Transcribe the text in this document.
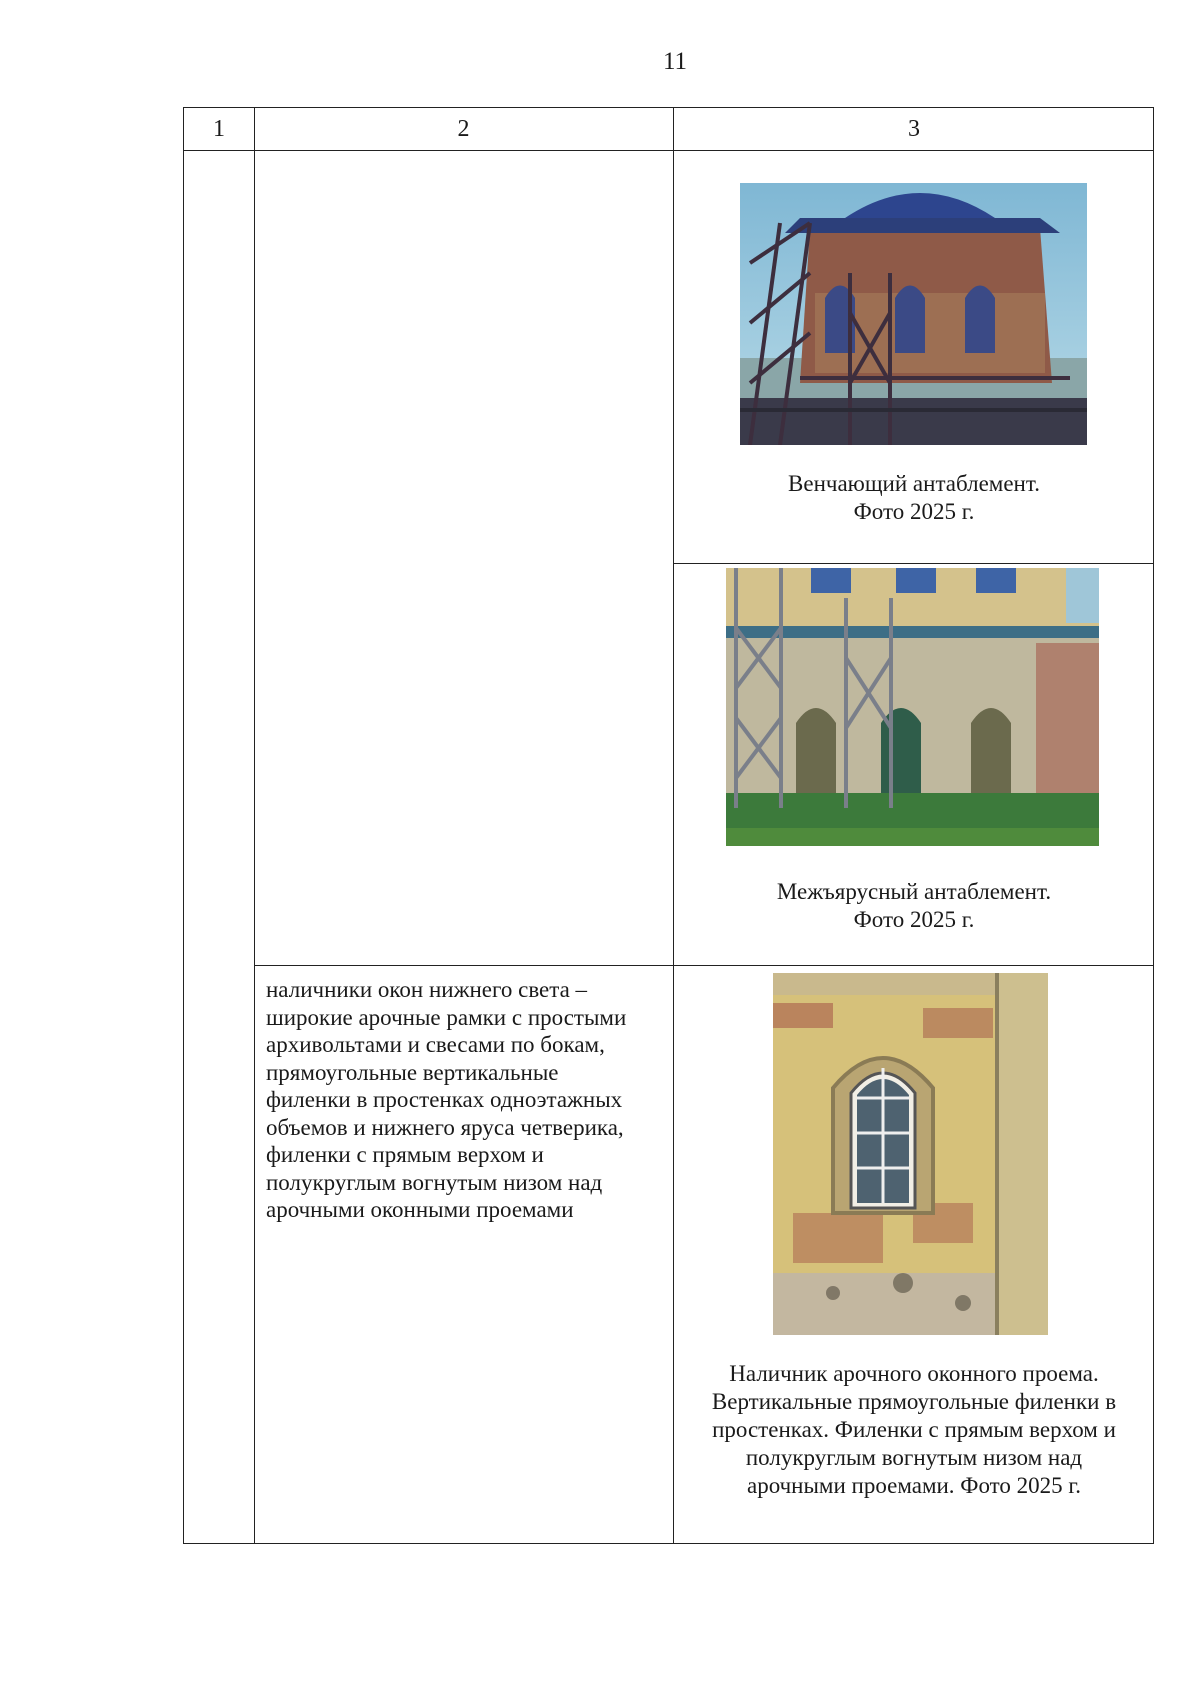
11
1	2	3
Венчающий антаблемент.
Фото 2025 г.
Межъярусный антаблемент.
Фото 2025 г.
наличники окон нижнего света –
широкие арочные рамки с простыми
архивольтами и свесами по бокам,
прямоугольные вертикальные
филенки в простенках одноэтажных
объемов и нижнего яруса четверика,
филенки с прямым верхом и
полукруглым вогнутым низом над
арочными оконными проемами
Наличник арочного оконного проема.
Вертикальные прямоугольные филенки в
простенках. Филенки с прямым верхом и
полукруглым вогнутым низом над
арочными проемами. Фото 2025 г.
